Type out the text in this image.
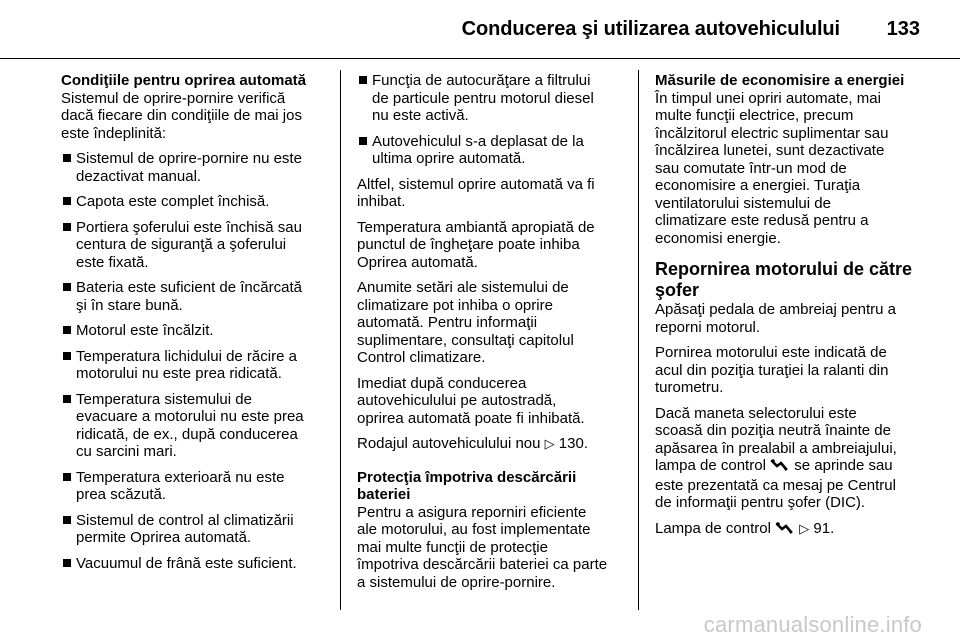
Conducerea şi utilizarea autovehiculului 133
Condiţiile pentru oprirea automată
Sistemul de oprire-pornire verifică
dacă fiecare din condiţiile de mai jos
este îndeplinită:
Sistemul de oprire-pornire nu este
dezactivat manual.
Capota este complet închisă.
Portiera şoferului este închisă sau
centura de siguranţă a şoferului
este fixată.
Bateria este suficient de încărcată
şi în stare bună.
Motorul este încălzit.
Temperatura lichidului de răcire a
motorului nu este prea ridicată.
Temperatura sistemului de
evacuare a motorului nu este prea
ridicată, de ex., după conducerea
cu sarcini mari.
Temperatura exterioară nu este
prea scăzută.
Sistemul de control al climatizării
permite Oprirea automată.
Vacuumul de frână este suficient.
Funcţia de autocurăţare a filtrului
de particule pentru motorul diesel
nu este activă.
Autovehiculul s-a deplasat de la
ultima oprire automată.
Altfel, sistemul oprire automată va fi
inhibat.
Temperatura ambiantă apropiată de
punctul de îngheţare poate inhiba
Oprirea automată.
Anumite setări ale sistemului de
climatizare pot inhiba o oprire
automată. Pentru informaţii
suplimentare, consultaţi capitolul
Control climatizare.
Imediat după conducerea
autovehiculului pe autostradă,
oprirea automată poate fi inhibată.
Rodajul autovehiculului nou ▷ 130.
Protecţia împotriva descărcării
bateriei
Pentru a asigura reporniri eficiente
ale motorului, au fost implementate
mai multe funcţii de protecţie
împotriva descărcării bateriei ca parte
a sistemului de oprire-pornire.
Măsurile de economisire a energiei
În timpul unei opriri automate, mai
multe funcţii electrice, precum
încălzitorul electric suplimentar sau
încălzirea lunetei, sunt dezactivate
sau comutate într-un mod de
economisire a energiei. Turaţia
ventilatorului sistemului de
climatizare este redusă pentru a
economisi energie.
Repornirea motorului de către
şofer
Apăsaţi pedala de ambreiaj pentru a
reporni motorul.
Pornirea motorului este indicată de
acul din poziţia turaţiei la ralanti din
turometru.
Dacă maneta selectorului este
scoasă din poziţia neutră înainte de
apăsarea în prealabil a ambreiajului,
lampa de control  se aprinde sau
este prezentată ca mesaj pe Centrul
de informaţii pentru şofer (DIC).
Lampa de control  ▷ 91.
carmanualsonline.info
